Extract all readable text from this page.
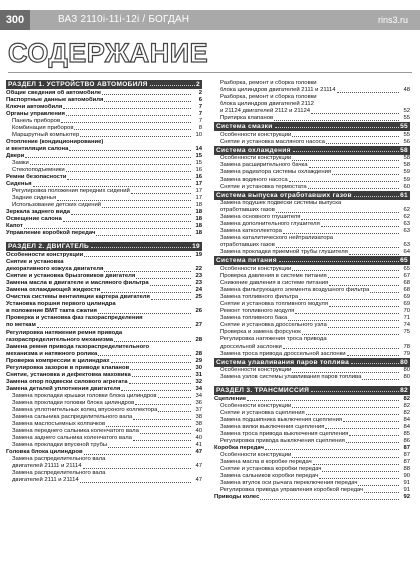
300	ВАЗ 2110i-11i-12i / БОГДАН	rins3.ru
СОДЕРЖАНИЕ
РАЗДЕЛ 1. УСТРОЙСТВО АВТОМОБИЛЯ	2
Общие сведения об автомобиле	2
Паспортные данные автомобиля	6
Ключи автомобиля	7
Органы управления	7
Панель приборов	7
Комбинация приборов	8
Маршрутный компьютер	10
Отопление (кондиционирование)
и вентиляция салона	14
Двери	15
Замки	15
Стеклоподъемники	16
Ремни безопасности	16
Сиденья	17
Регулировка положения передних сидений	17
Задние сиденья	17
Использование детских сидений	18
Зеркала заднего вида	18
Освещение салона	18
Капот	18
Управление коробкой передач	18
РАЗДЕЛ 2. ДВИГАТЕЛЬ	19
Особенности конструкции	19
Снятие и установка
декоративного кожуха двигателя	22
Снятие и установка брызговиков двигателя	23
Замена масла в двигателе и масляного фильтра	23
Замена охлаждающей жидкости	24
Очистка системы вентиляции картера двигателя	25
Установка поршня первого цилиндра
в положение ВМТ такта сжатия	26
Проверка и установка фаз газораспределения
по меткам	27
Регулировка натяжения ремня привода
газораспределительного механизма	28
Замена ремня привода газораспределительного
механизма и натяжного ролика	28
Проверка компрессии в цилиндрах	29
Регулировка зазоров в приводе клапанов	30
Снятие, установка и дефектовка маховика	31
Замена опор подвески силового агрегата	32
Замена деталей уплотнения двигателя	34
Замена прокладки крышки головки блока цилиндров	34
Замена прокладки головки блока цилиндров	36
Замена уплотнительных колец впускного коллектора	37
Замена сальника распределительного вала	38
Замена маслосъемных колпачков	38
Замена переднего сальника коленчатого вала	40
Замена заднего сальника коленчатого вала	40
Замена прокладки впускной трубы	41
Головка блока цилиндров	47
Замена распределительного вала
двигателей 21111 и 21114	47
Замена распределительного вала
двигателей 2111 и 21114	47
Разборка, ремонт и сборка головки
блока цилиндров двигателей 2111 и 21114	48
Разборка, ремонт и сборка головки
блока цилиндров двигателей 2112
и 21124 двигателей 2112 и 21124	52
Притирка клапанов	55
Система смазки	55
Особенности конструкции	55
Снятие и установка масляного насоса	56
Система охлаждения	58
Особенности конструкции	58
Замена расширительного бачка	58
Замена радиатора системы охлаждения	59
Замена водяного насоса	59
Снятие и установка термостата	60
Система выпуска отработавших газов	61
Замена подушек подвески системы выпуска
отработавших газов	62
Замена основного глушителя	62
Замена дополнительного глушителя	63
Замена катколлектора	63
Замена каталитического нейтрализатора
отработавших газов	63
Замена прокладки приемной трубы глушителя	64
Система питания	65
Особенности конструкции	65
Проверка давления в системе питания	67
Снижение давления в системе питания	68
Замена фильтрующего элемента воздушного фильтра	68
Замена топливного фильтра	69
Снятие и установка топливного модуля	69
Ремонт топливного модуля	70
Замена топливного бака	71
Снятие и установка дроссельного узла	74
Проверка и замена форсунок	75
Регулировка натяжения троса привода
дроссельной заслонки	78
Замена троса привода дроссельной заслонки	79
Система улавливания паров топлива	80
Особенности конструкции	80
Замена узлов системы улавливания паров топлива	80
РАЗДЕЛ 3. ТРАНСМИССИЯ	82
Сцепление	82
Особенности конструкции	82
Снятие и установка сцепления	82
Замена подшипника выключения сцепления	84
Замена вилки выключения сцепления	84
Замена троса привода выключения сцепления	85
Регулировка привода выключения сцепления	86
Коробка передач	87
Особенности конструкции	87
Замена масла в коробке передач	87
Снятие и установка коробки передач	88
Замена сальников коробки передач	90
Замена втулок оси рычага переключения передач	91
Регулировка привода управления коробкой передач	91
Приводы колес	92
